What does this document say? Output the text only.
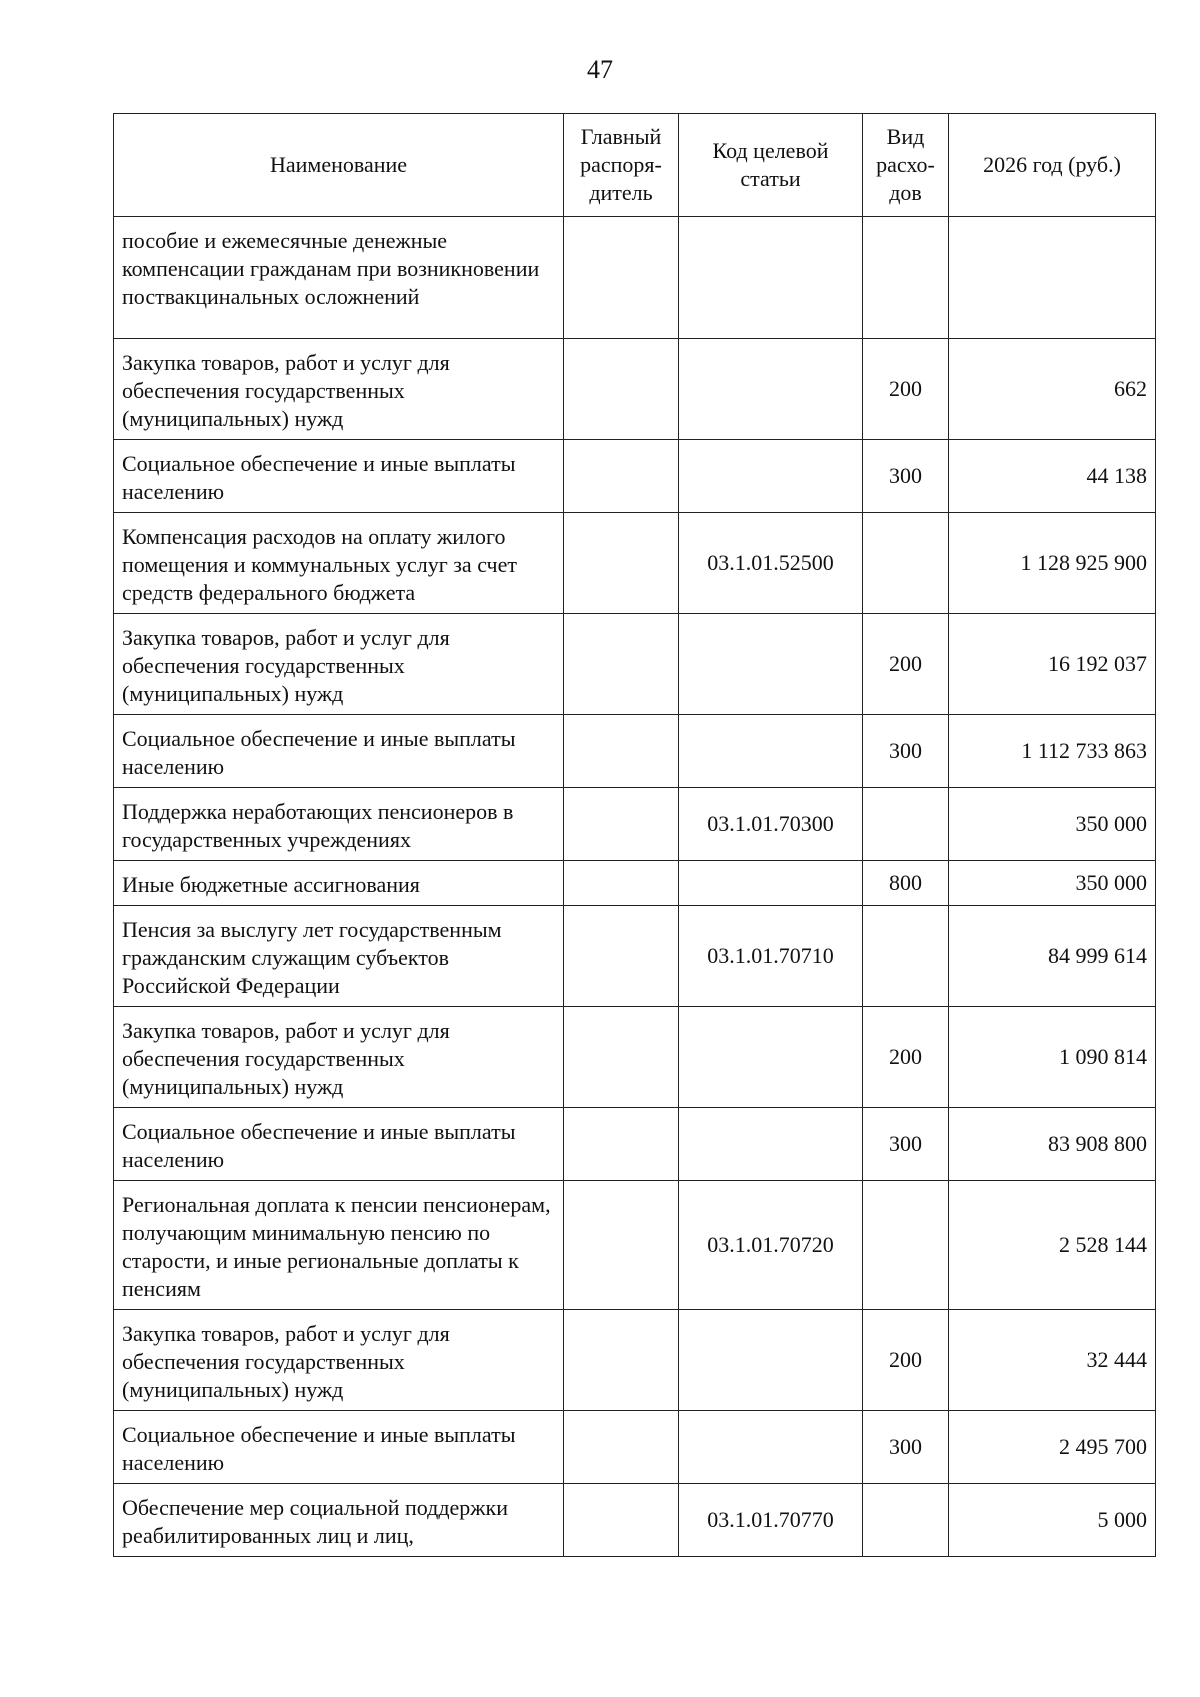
47
Наименование	Главный распоря-дитель	Код целевой статьи	Вид расхо-дов	2026 год (руб.)
пособие и ежемесячные денежные компенсации гражданам при возникновении поствакцинальных осложнений				
Закупка товаров, работ и услуг для обеспечения государственных (муниципальных) нужд			200	662
Социальное обеспечение и иные выплаты населению			300	44 138
Компенсация расходов на оплату жилого помещения и коммунальных услуг за счет средств федерального бюджета		03.1.01.52500		1 128 925 900
Закупка товаров, работ и услуг для обеспечения государственных (муниципальных) нужд			200	16 192 037
Социальное обеспечение и иные выплаты населению			300	1 112 733 863
Поддержка неработающих пенсионеров в государственных учреждениях		03.1.01.70300		350 000
Иные бюджетные ассигнования			800	350 000
Пенсия за выслугу лет государственным гражданским служащим субъектов Российской Федерации		03.1.01.70710		84 999 614
Закупка товаров, работ и услуг для обеспечения государственных (муниципальных) нужд			200	1 090 814
Социальное обеспечение и иные выплаты населению			300	83 908 800
Региональная доплата к пенсии пенсионерам, получающим минимальную пенсию по старости, и иные региональные доплаты к пенсиям		03.1.01.70720		2 528 144
Закупка товаров, работ и услуг для обеспечения государственных (муниципальных) нужд			200	32 444
Социальное обеспечение и иные выплаты населению			300	2 495 700
Обеспечение мер социальной поддержки реабилитированных лиц и лиц,		03.1.01.70770		5 000
